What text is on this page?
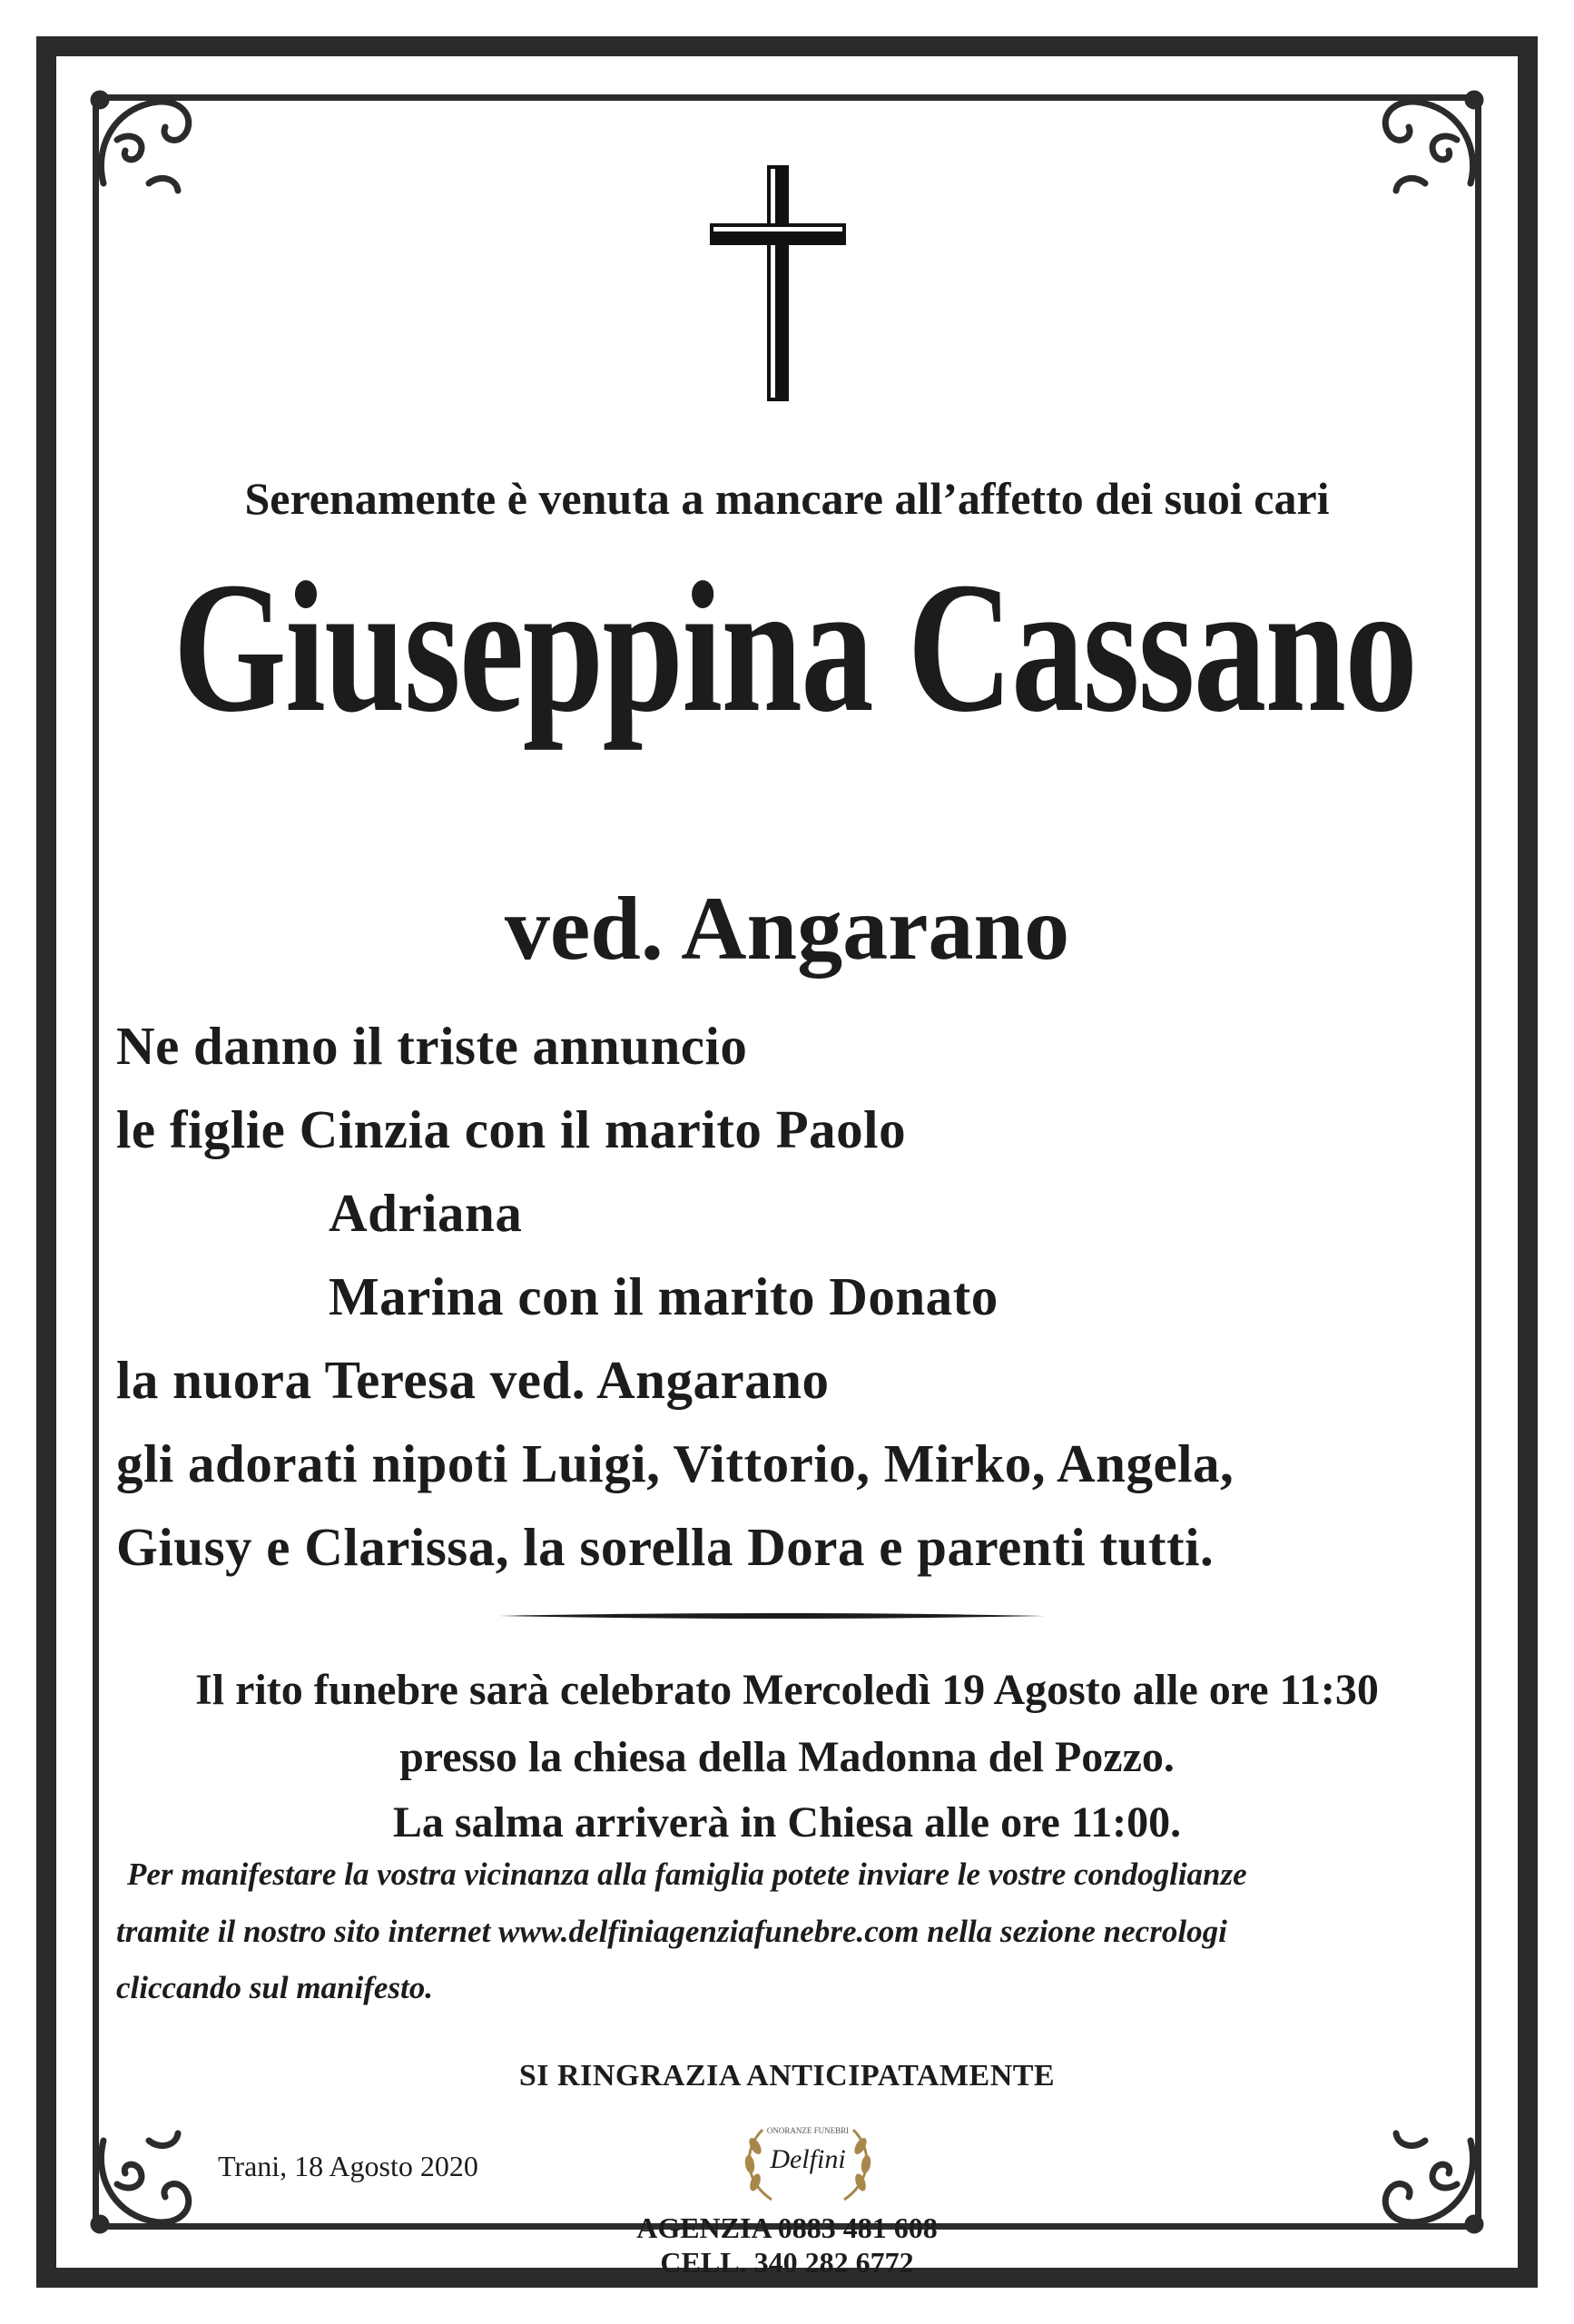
Serenamente è venuta a mancare all’affetto dei suoi cari
Giuseppina Cassano
ved. Angarano
Ne danno il triste annuncio
le figlie Cinzia con il marito Paolo
Adriana
Marina con il marito Donato
la nuora Teresa ved. Angarano
gli adorati nipoti Luigi, Vittorio, Mirko, Angela,
Giusy e Clarissa, la sorella Dora e parenti tutti.
Il rito funebre sarà celebrato Mercoledì 19 Agosto alle ore 11:30
presso la chiesa della Madonna del Pozzo.
La salma arriverà in Chiesa alle ore 11:00.
Per manifestare la vostra vicinanza alla famiglia potete inviare le vostre condoglianze
tramite il nostro sito internet www.delfiniagenziafunebre.com nella sezione necrologi
cliccando sul manifesto.
SI RINGRAZIA ANTICIPATAMENTE
Trani, 18 Agosto 2020
ONORANZE FUNEBRI
Delfini
AGENZIA 0883 481 608
CELL. 340 282 6772
